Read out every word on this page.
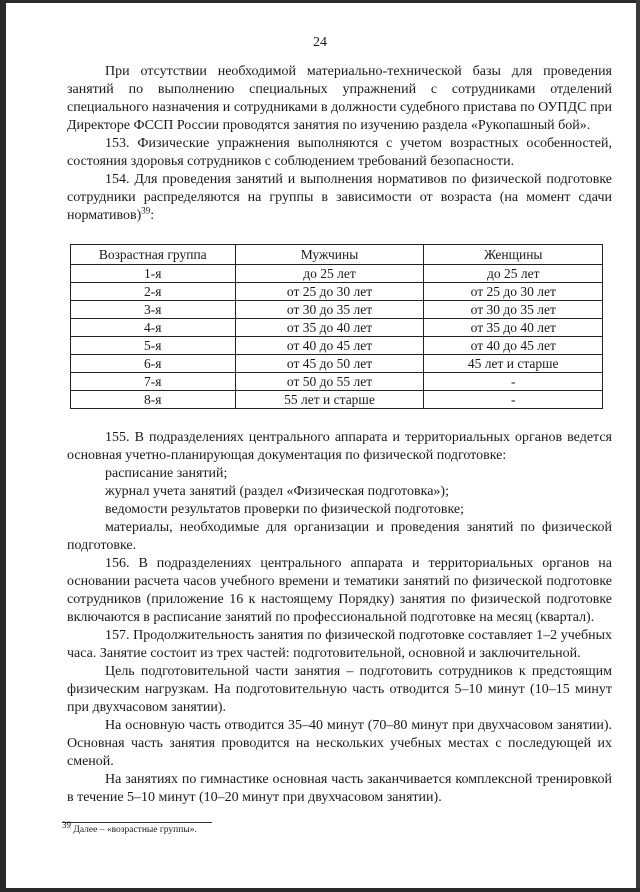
24

При отсутствии необходимой материально-технической базы для проведения занятий по выполнению специальных упражнений с сотрудниками отделений специального назначения и сотрудниками в должности судебного пристава по ОУПДС при Директоре ФССП России проводятся занятия по изучению раздела «Рукопашный бой».

153. Физические упражнения выполняются с учетом возрастных особенностей, состояния здоровья сотрудников с соблюдением требований безопасности.

154. Для проведения занятий и выполнения нормативов по физической подготовке сотрудники распределяются на группы в зависимости от возраста (на момент сдачи нормативов)$^{39}$:

Возрастная группа	Мужчины	Женщины
1-я	до 25 лет	до 25 лет
2-я	от 25 до 30 лет	от 25 до 30 лет
3-я	от 30 до 35 лет	от 30 до 35 лет
4-я	от 35 до 40 лет	от 35 до 40 лет
5-я	от 40 до 45 лет	от 40 до 45 лет
6-я	от 45 до 50 лет	45 лет и старше
7-я	от 50 до 55 лет	-
8-я	55 лет и старше	-

155. В подразделениях центрального аппарата и территориальных органов ведется основная учетно-планирующая документация по физической подготовке:

расписание занятий;

журнал учета занятий (раздел «Физическая подготовка»);

ведомости результатов проверки по физической подготовке;

материалы, необходимые для организации и проведения занятий по физической подготовке.

156. В подразделениях центрального аппарата и территориальных органов на основании расчета часов учебного времени и тематики занятий по физической подготовке сотрудников (приложение 16 к настоящему Порядку) занятия по физической подготовке включаются в расписание занятий по профессиональной подготовке на месяц (квартал).

157. Продолжительность занятия по физической подготовке составляет 1–2 учебных часа. Занятие состоит из трех частей: подготовительной, основной и заключительной.

Цель подготовительной части занятия – подготовить сотрудников к предстоящим физическим нагрузкам. На подготовительную часть отводится 5–10 минут (10–15 минут при двухчасовом занятии).

На основную часть отводится 35–40 минут (70–80 минут при двухчасовом занятии). Основная часть занятия проводится на нескольких учебных местах с последующей их сменой.

На занятиях по гимнастике основная часть заканчивается комплексной тренировкой в течение 5–10 минут (10–20 минут при двухчасовом занятии).

39 Далее – «возрастные группы».
